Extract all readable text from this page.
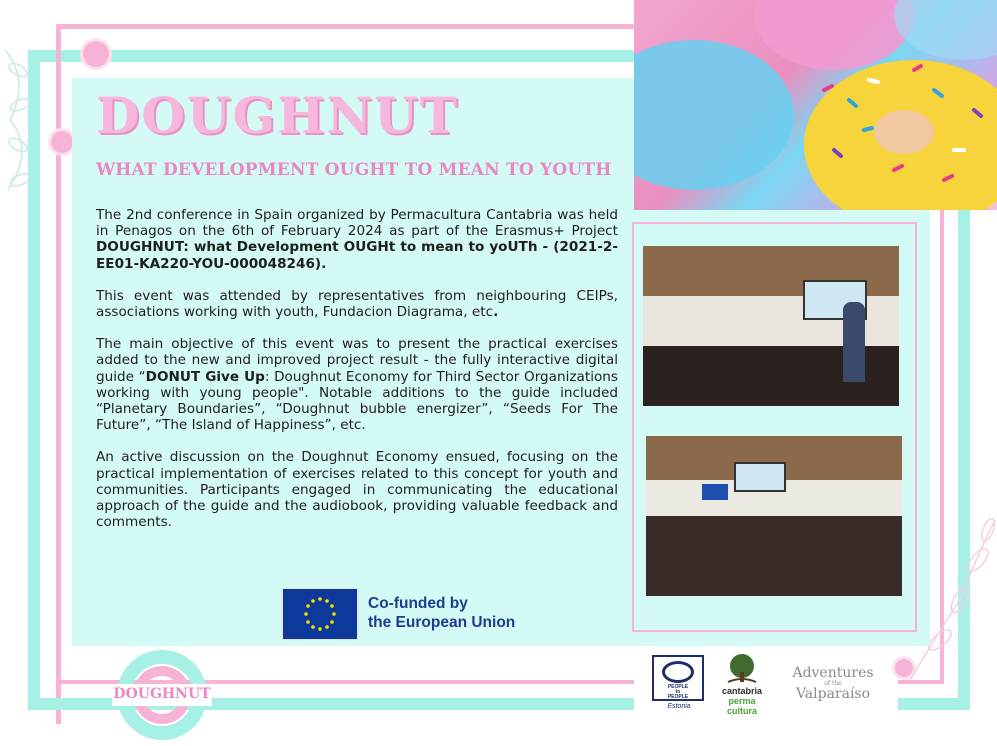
DOUGHNUT
WHAT DEVELOPMENT OUGHT TO MEAN TO YOUTH

The 2nd conference in Spain organized by Permacultura Cantabria was held in Penagos on the 6th of February 2024 as part of the Erasmus+ Project DOUGHNUT: what Development OUGHt to mean to yoUTh - (2021-2-EE01-KA220-YOU-000048246).

This event was attended by representatives from neighbouring CEIPs, associations working with youth, Fundacion Diagrama, etc.

The main objective of this event was to present the practical exercises added to the new and improved project result - the fully interactive digital guide “DONUT Give Up: Doughnut Economy for Third Sector Organizations working with young people". Notable additions to the guide included “Planetary Boundaries”, “Doughnut bubble energizer”, “Seeds For The Future”, “The Island of Happiness”, etc.

An active discussion on the Doughnut Economy ensued, focusing on the practical implementation of exercises related to this concept for youth and communities. Participants engaged in communicating the educational approach of the guide and the audiobook, providing valuable feedback and comments.

Co-funded by
the European Union
DOUGHNUT	PEOPLE
to
PEOPLE
Estonia
cantabria
perma
cultura
Adventures
of the
Valparaíso
